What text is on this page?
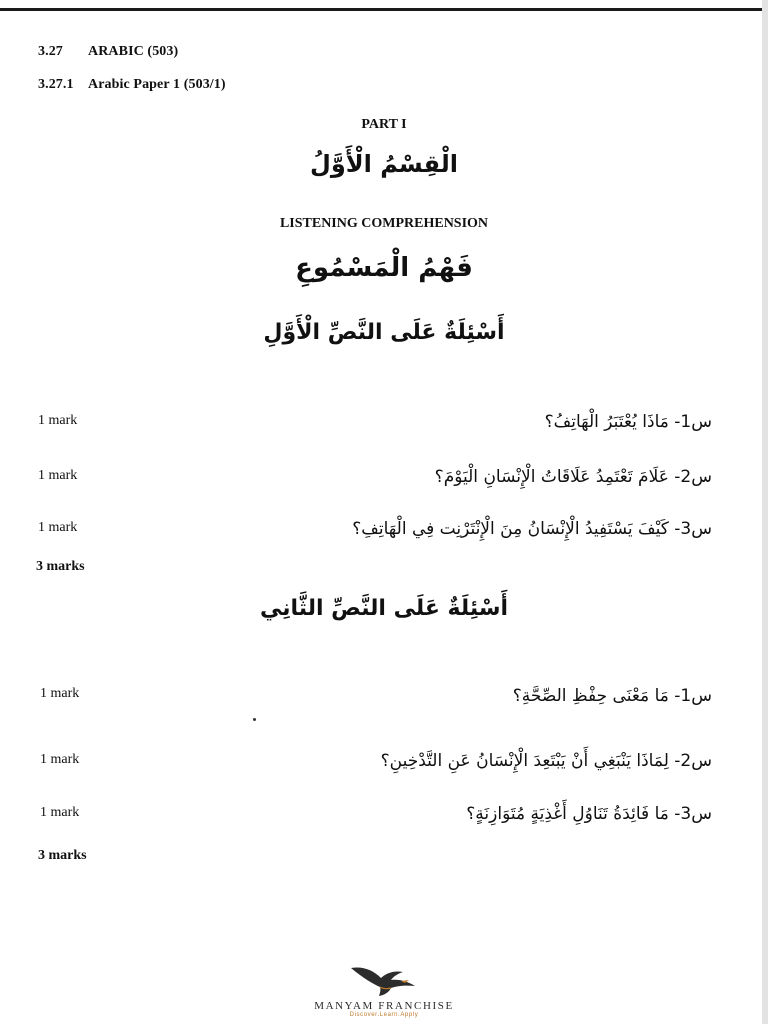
3.27 ARABIC (503)
3.27.1 Arabic Paper 1 (503/1)
PART I
الْقِسْمُ الْأَوَّلُ
LISTENING COMPREHENSION
فَهْمُ الْمَسْمُوعِ
أَسْئِلَةٌ عَلَى النَّصِّ الْأَوَّلِ
1 mark	س1- مَاذَا يُعْتَبَرُ الْهَاتِفُ؟
1 mark	س2- عَلَامَ تَعْتَمِدُ عَلَاقَاتُ الْإِنْسَانِ الْيَوْمَ؟
1 mark	س3- كَيْفَ يَسْتَفِيدُ الْإِنْسَانُ مِنَ الْإِنْتَرْنِت فِي الْهَاتِفِ؟
3 marks
أَسْئِلَةٌ عَلَى النَّصِّ الثَّانِي
1 mark	س1- مَا مَعْنَى حِفْظِ الصِّحَّةِ؟
1 mark	س2- لِمَاذَا يَنْبَغِي أَنْ يَبْتَعِدَ الْإِنْسَانُ عَنِ التَّدْخِينِ؟
1 mark	س3- مَا فَائِدَةُ تَنَاوُلِ أَغْذِيَةٍ مُتَوَازِنَةٍ؟
3 marks
MANYAM FRANCHISE
Discover.Learn.Apply
